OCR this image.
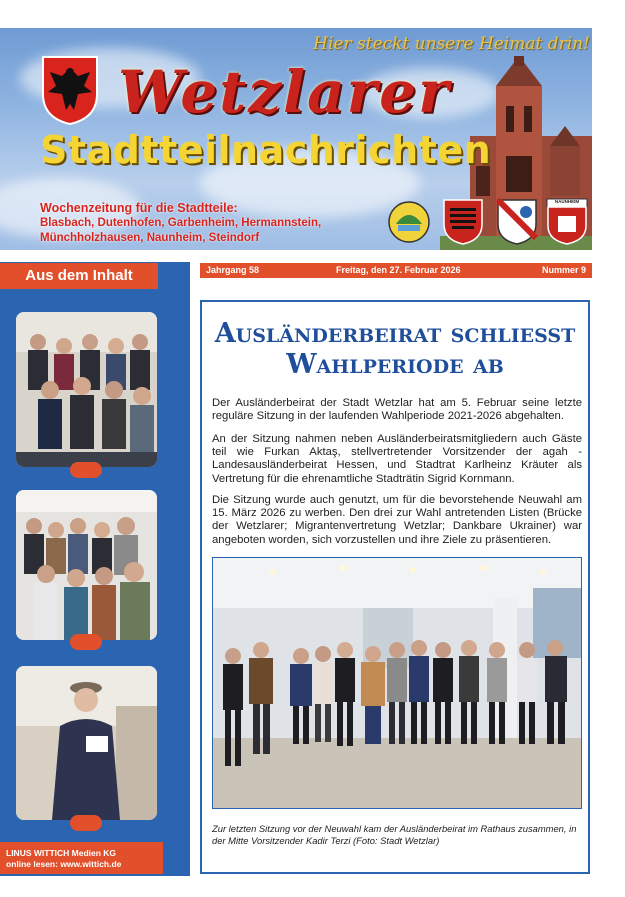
Hier steckt unsere Heimat drin!
Wetzlarer
Stadtteilnachrichten
Wochenzeitung für die Stadtteile:
Blasbach, Dutenhofen, Garbenheim, Hermannstein,
Münchholzhausen, Naunheim, Steindorf
NAUNHEIM
Aus dem Inhalt
LINUS WITTICH Medien KG
online lesen: www.wittich.de
Jahrgang 58	Freitag, den 27. Februar 2026	Nummer 9
Ausländerbeirat schließt
Wahlperiode ab
Der Ausländerbeirat der Stadt Wetzlar hat am 5. Februar seine letzte reguläre Sitzung in der laufenden Wahlperiode 2021-2026 abgehalten.
An der Sitzung nahmen neben Ausländerbeiratsmitgliedern auch Gäste teil wie Furkan Aktaş, stellvertretender Vorsitzender der agah - Landesausländerbeirat Hessen, und Stadtrat Karlheinz Kräuter als Vertretung für die ehrenamtliche Stadträtin Sigrid Kornmann.
Die Sitzung wurde auch genutzt, um für die bevorstehende Neuwahl am 15. März 2026 zu werben. Den drei zur Wahl antretenden Listen (Brücke der Wetzlarer; Migrantenvertretung Wetzlar; Dankbare Ukrainer) war angeboten worden, sich vorzustellen und ihre Ziele zu präsentieren.
Zur letzten Sitzung vor der Neuwahl kam der Ausländerbeirat im Rathaus zusammen, in der Mitte Vorsitzender Kadir Terzi (Foto: Stadt Wetzlar)
